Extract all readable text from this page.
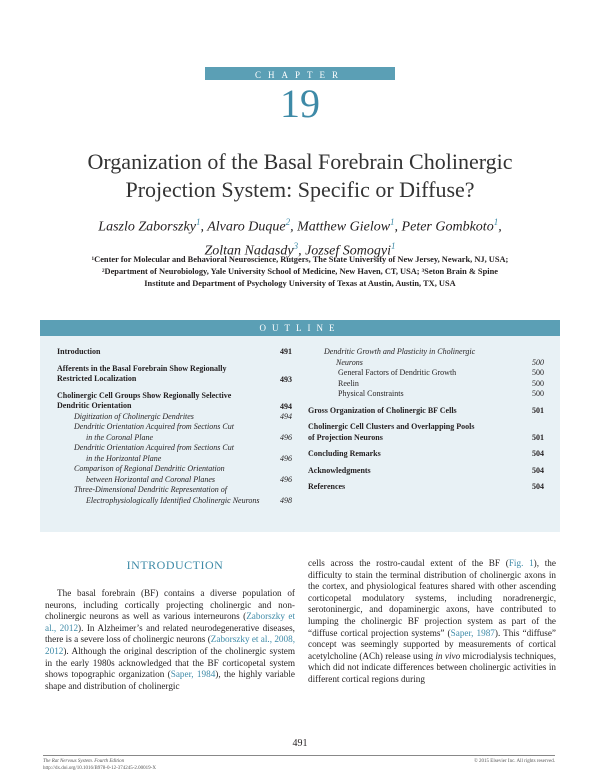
CHAPTER
19
Organization of the Basal Forebrain Cholinergic
Projection System: Specific or Diffuse?
Laszlo Zaborszky$^1$, Alvaro Duque$^2$, Matthew Gielow$^1$, Peter Gombkoto$^1$,
Zoltan Nadasdy$^3$, Jozsef Somogyi$^1$
¹Center for Molecular and Behavioral Neuroscience, Rutgers, The State University of New Jersey, Newark, NJ, USA;
²Department of Neurobiology, Yale University School of Medicine, New Haven, CT, USA; ³Seton Brain & Spine
Institute and Department of Psychology University of Texas at Austin, Austin, TX, USA
OUTLINE
Introduction	491
Afferents in the Basal Forebrain Show Regionally
Restricted Localization	493
Cholinergic Cell Groups Show Regionally Selective
Dendritic Orientation	494
Digitization of Cholinergic Dendrites	494
Dendritic Orientation Acquired from Sections Cut
in the Coronal Plane	496
Dendritic Orientation Acquired from Sections Cut
in the Horizontal Plane	496
Comparison of Regional Dendritic Orientation
between Horizontal and Coronal Planes	496
Three-Dimensional Dendritic Representation of
Electrophysiologically Identified Cholinergic Neurons	498
Dendritic Growth and Plasticity in Cholinergic
Neurons	500
General Factors of Dendritic Growth	500
Reelin	500
Physical Constraints	500
Gross Organization of Cholinergic BF Cells	501
Cholinergic Cell Clusters and Overlapping Pools
of Projection Neurons	501
Concluding Remarks	504
Acknowledgments	504
References	504
INTRODUCTION
The basal forebrain (BF) contains a diverse population of neurons, including cortically projecting cholinergic and non-cholinergic neurons as well as various interneurons (Zaborszky et al., 2012). In Alzheimer’s and related neurodegenerative diseases, there is a severe loss of cholinergic neurons (Zaborszky et al., 2008, 2012). Although the original description of the cholinergic system in the early 1980s acknowledged that the BF corticopetal system shows topographic organization (Saper, 1984), the highly variable shape and distribution of cholinergic
cells across the rostro-caudal extent of the BF (Fig. 1), the difficulty to stain the terminal distribution of cholinergic axons in the cortex, and physiological features shared with other ascending corticopetal modulatory systems, including noradrenergic, serotoninergic, and dopaminergic axons, have contributed to lumping the cholinergic BF projection system as part of the “diffuse cortical projection systems” (Saper, 1987). This “diffuse” concept was seemingly supported by measurements of cortical acetylcholine (ACh) release using in vivo microdialysis techniques, which did not indicate differences between cholinergic activities in different cortical regions during
491
The Rat Nervous System. Fourth Edition
http://dx.doi.org/10.1016/B978-0-12-374245-2.00019-X
© 2015 Elsevier Inc. All rights reserved.
